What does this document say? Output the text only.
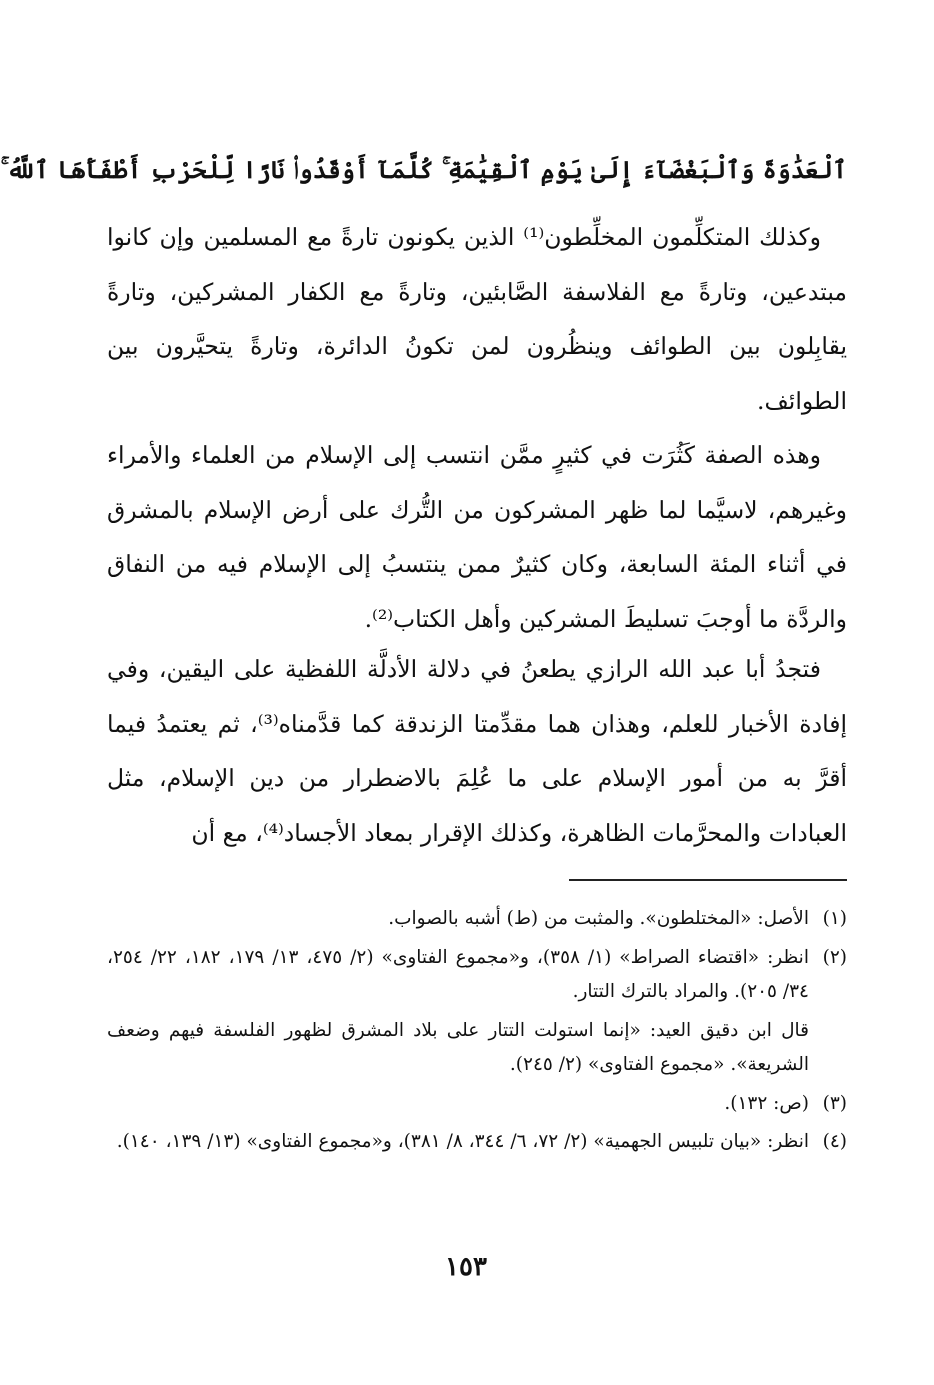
ٱلْعَدَٰوَةَ وَٱلْبَغْضَآءَ إِلَىٰ يَوْمِ ٱلْقِيَٰمَةِ ۚ كُلَّمَآ أَوْقَدُوا۟ نَارًا لِّلْحَرْبِ أَطْفَأَهَا ٱللَّهُ ۚ

وكذلك المتكلِّمون المخلِّطون⁽¹⁾ الذين يكونون تارةً مع المسلمين وإن كانوا مبتدعين، وتارةً مع الفلاسفة الصَّابئين، وتارةً مع الكفار المشركين، وتارةً يقابِلون بين الطوائف وينظُرون لمن تكونُ الدائرة، وتارةً يتحيَّرون بين الطوائف.

وهذه الصفة كَثُرَت في كثيرٍ ممَّن انتسب إلى الإسلام من العلماء والأمراء وغيرهم، لاسيَّما لما ظهر المشركون من التُّرك على أرض الإسلام بالمشرق في أثناء المئة السابعة، وكان كثيرٌ ممن ينتسبُ إلى الإسلام فيه من النفاق والردَّة ما أوجبَ تسليطَ المشركين وأهل الكتاب⁽²⁾.

فتجدُ أبا عبد الله الرازي يطعنُ في دلالة الأدلَّة اللفظية على اليقين، وفي إفادة الأخبار للعلم، وهذان هما مقدِّمتا الزندقة كما قدَّمناه⁽³⁾، ثم يعتمدُ فيما أقرَّ به من أمور الإسلام على ما عُلِمَ بالاضطرار من دين الإسلام، مثل العبادات والمحرَّمات الظاهرة، وكذلك الإقرار بمعاد الأجساد⁽⁴⁾، مع أن

(١)
الأصل: «المختلطون». والمثبت من (ط) أشبه بالصواب.
(٢)
انظر: «اقتضاء الصراط» (١/ ٣٥٨)، و«مجموع الفتاوى» (٢/ ٤٧٥، ١٣/ ١٧٩، ١٨٢، ٢٢/ ٢٥٤، ٣٤/ ٢٠٥). والمراد بالترك التتار.
قال ابن دقيق العيد: «إنما استولت التتار على بلاد المشرق لظهور الفلسفة فيهم وضعف الشريعة». «مجموع الفتاوى» (٢/ ٢٤٥).
(٣)
(ص: ١٣٢).
(٤)
انظر: «بيان تلبيس الجهمية» (٢/ ٧٢، ٦/ ٣٤٤، ٨/ ٣٨١)، و«مجموع الفتاوى» (١٣/ ١٣٩، ١٤٠).
١٥٣
